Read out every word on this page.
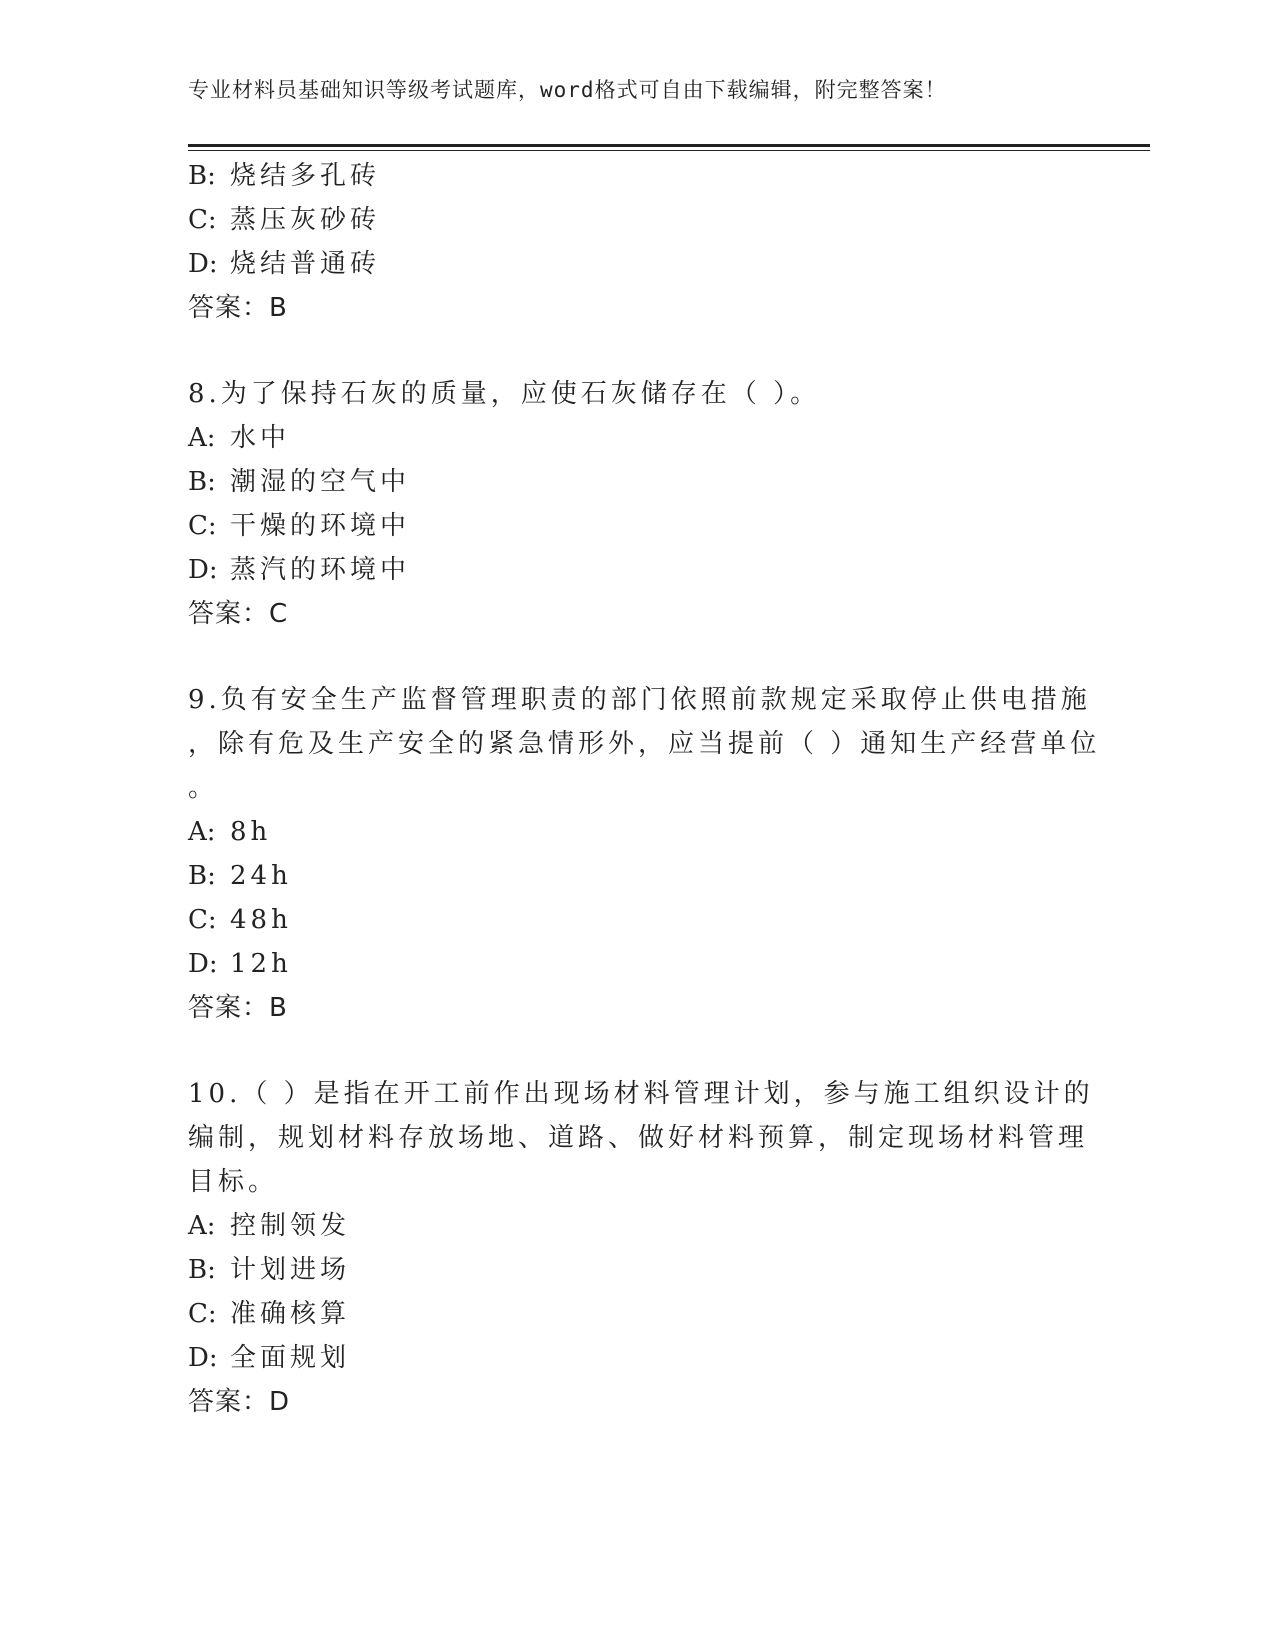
专业材料员基础知识等级考试题库，word格式可自由下载编辑，附完整答案！
B: 烧结多孔砖
C: 蒸压灰砂砖
D: 烧结普通砖
答案：B
8.为了保持石灰的质量，应使石灰储存在（ ）。
A: 水中
B: 潮湿的空气中
C: 干燥的环境中
D: 蒸汽的环境中
答案：C
9.负有安全生产监督管理职责的部门依照前款规定采取停止供电措施
，除有危及生产安全的紧急情形外，应当提前（ ）通知生产经营单位
。
A: 8h
B: 24h
C: 48h
D: 12h
答案：B
10.（ ）是指在开工前作出现场材料管理计划，参与施工组织设计的
编制，规划材料存放场地、道路、做好材料预算，制定现场材料管理
目标。
A: 控制领发
B: 计划进场
C: 准确核算
D: 全面规划
答案：D
